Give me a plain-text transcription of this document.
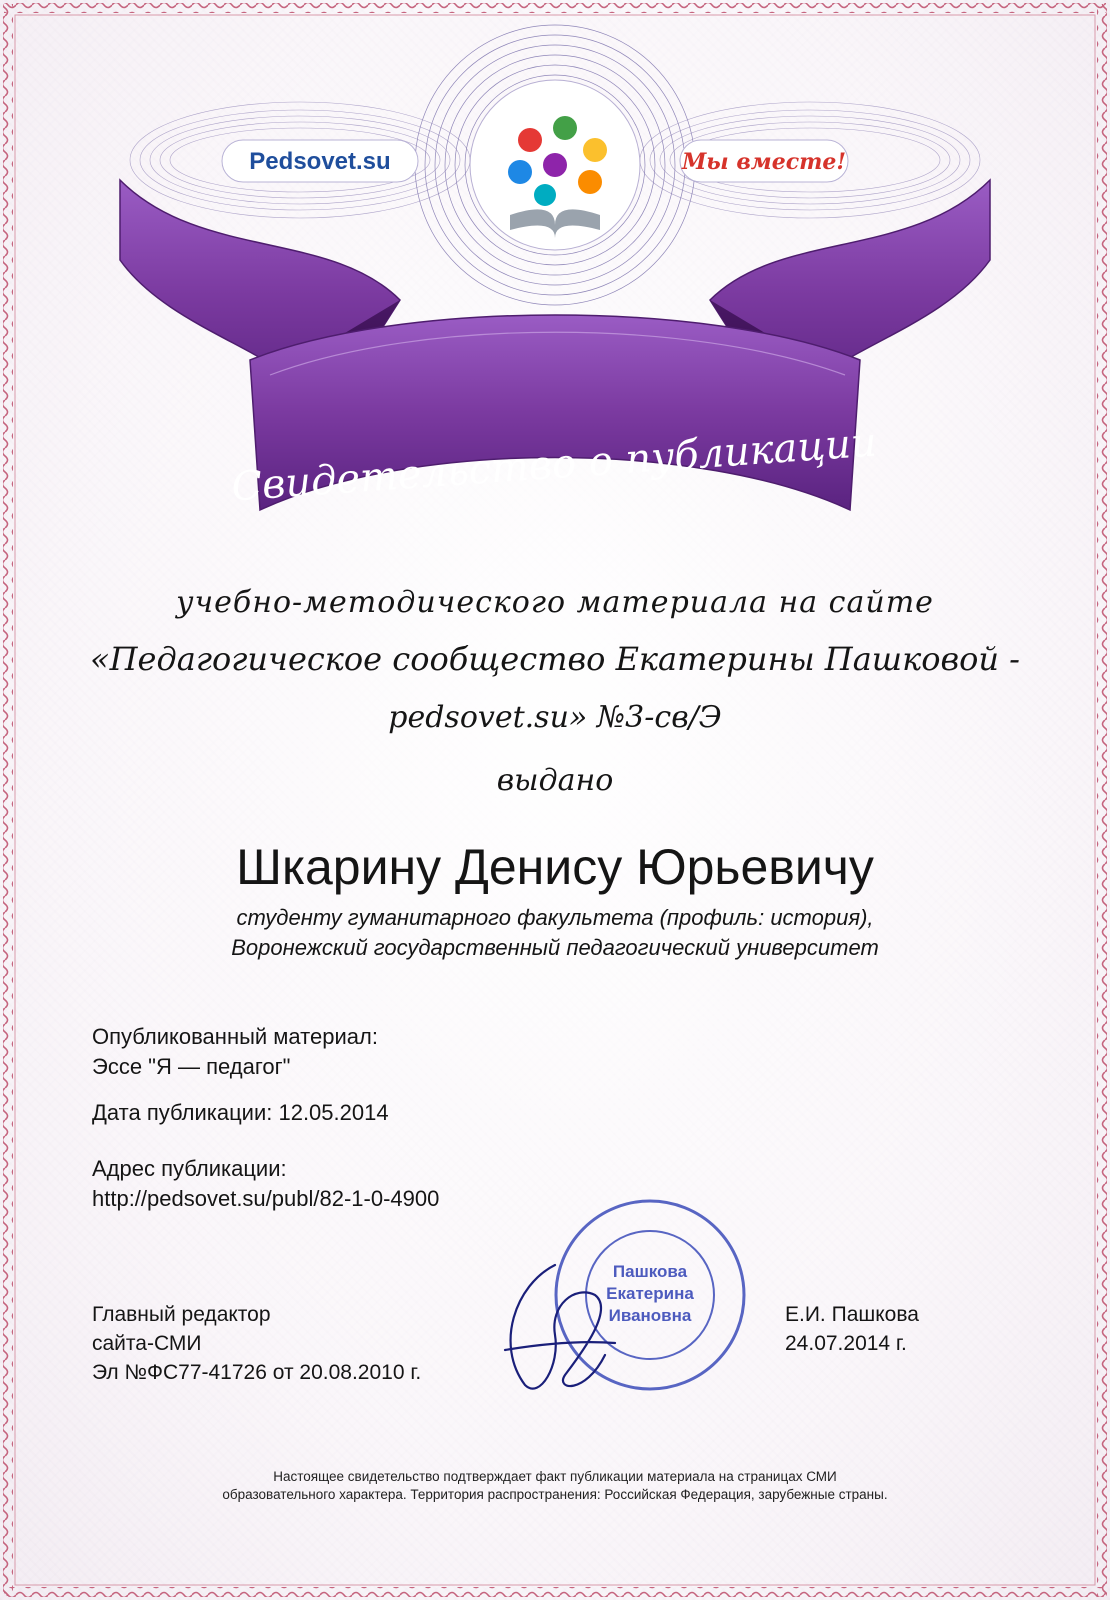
Pedsovet.su	Мы вместе!
Свидетельство о публикации
учебно-методического материала на сайте
«Педагогическое сообщество Екатерины Пашковой -
pedsovet.su» №3-св/Э
выдано
Шкарину Денису Юрьевичу
студенту гуманитарного факультета (профиль: история),
Воронежский государственный педагогический университет
Опубликованный материал:
Эссе "Я — педагог"
Дата публикации: 12.05.2014
Адрес публикации:
http://pedsovet.su/publ/82-1-0-4900
Пашкова
Екатерина
Ивановна
Главный редактор
сайта-СМИ
Эл №ФС77-41726 от 20.08.2010 г.
Е.И. Пашкова
24.07.2014 г.
Настоящее свидетельство подтверждает факт публикации материала на страницах СМИ
образовательного характера. Территория распространения: Российская Федерация, зарубежные страны.
